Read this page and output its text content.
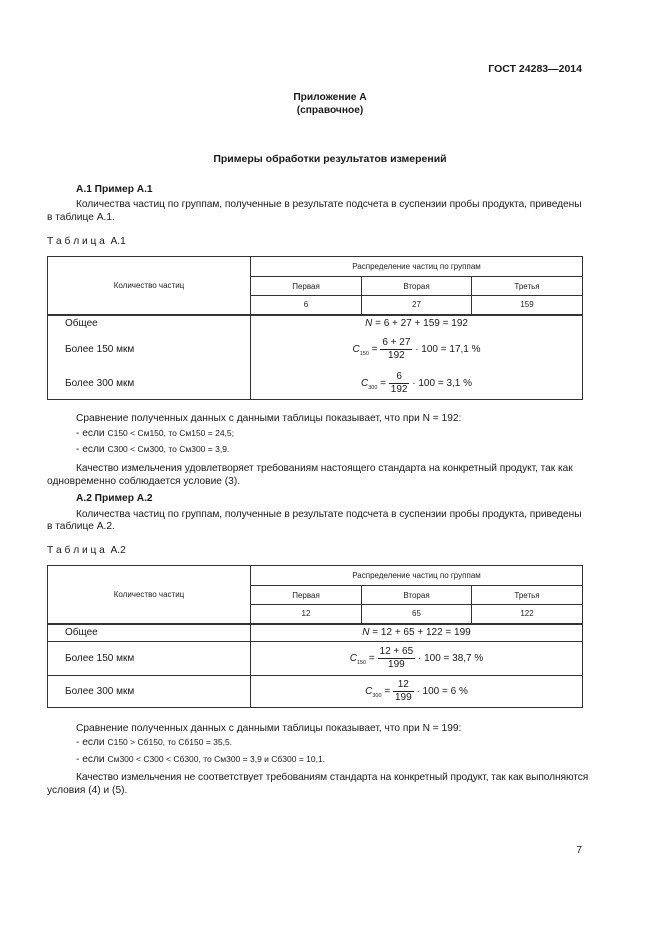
ГОСТ 24283—2014
Приложение А
(справочное)
Примеры обработки результатов измерений
А.1 Пример А.1
Количества частиц по группам, полученные в результате подсчета в суспензии пробы продукта, приведены
в таблице А.1.
Т а б л и ц а  А.1
Количество частиц	Распределение частиц по группам		
	Первая	Вторая	Третья
	6	27	159
Общее	N = 6 + 27 + 159 = 192		
Более 150 мкм	$C_{150} = \frac{6 + 27}{192} \cdot 100 = 17,1$ %		
Более 300 мкм	$C_{300} = \frac{6}{192} \cdot 100 = 3,1$ %		
Сравнение полученных данных с данными таблицы показывает, что при N = 192:
- если C150 < Cм150, то Cм150 = 24,5;
- если C300 < Cм300, то Cм300 = 3,9.
Качество измельчения удовлетворяет требованиям настоящего стандарта на конкретный продукт, так как
одновременно соблюдается условие (3).
А.2 Пример А.2
Количества частиц по группам, полученные в результате подсчета в суспензии пробы продукта, приведены
в таблице А.2.
Т а б л и ц а  А.2
Количество частиц	Распределение частиц по группам		
	Первая	Вторая	Третья
	12	65	122
Общее	N = 12 + 65 + 122 = 199		
Более 150 мкм	$C_{150} = \frac{12 + 65}{199} \cdot 100 = 38,7$ %		
Более 300 мкм	$C_{300} = \frac{12}{199} \cdot 100 = 6$ %		
Сравнение полученных данных с данными таблицы показывает, что при N = 199:
- если C150 > Cб150, то Cб150 = 35,5.
- если Cм300 < C300 < Cб300, то Cм300 = 3,9 и Cб300 = 10,1.
Качество измельчения не соответствует требованиям стандарта на конкретный продукт, так как выполняются
условия (4) и (5).
7
